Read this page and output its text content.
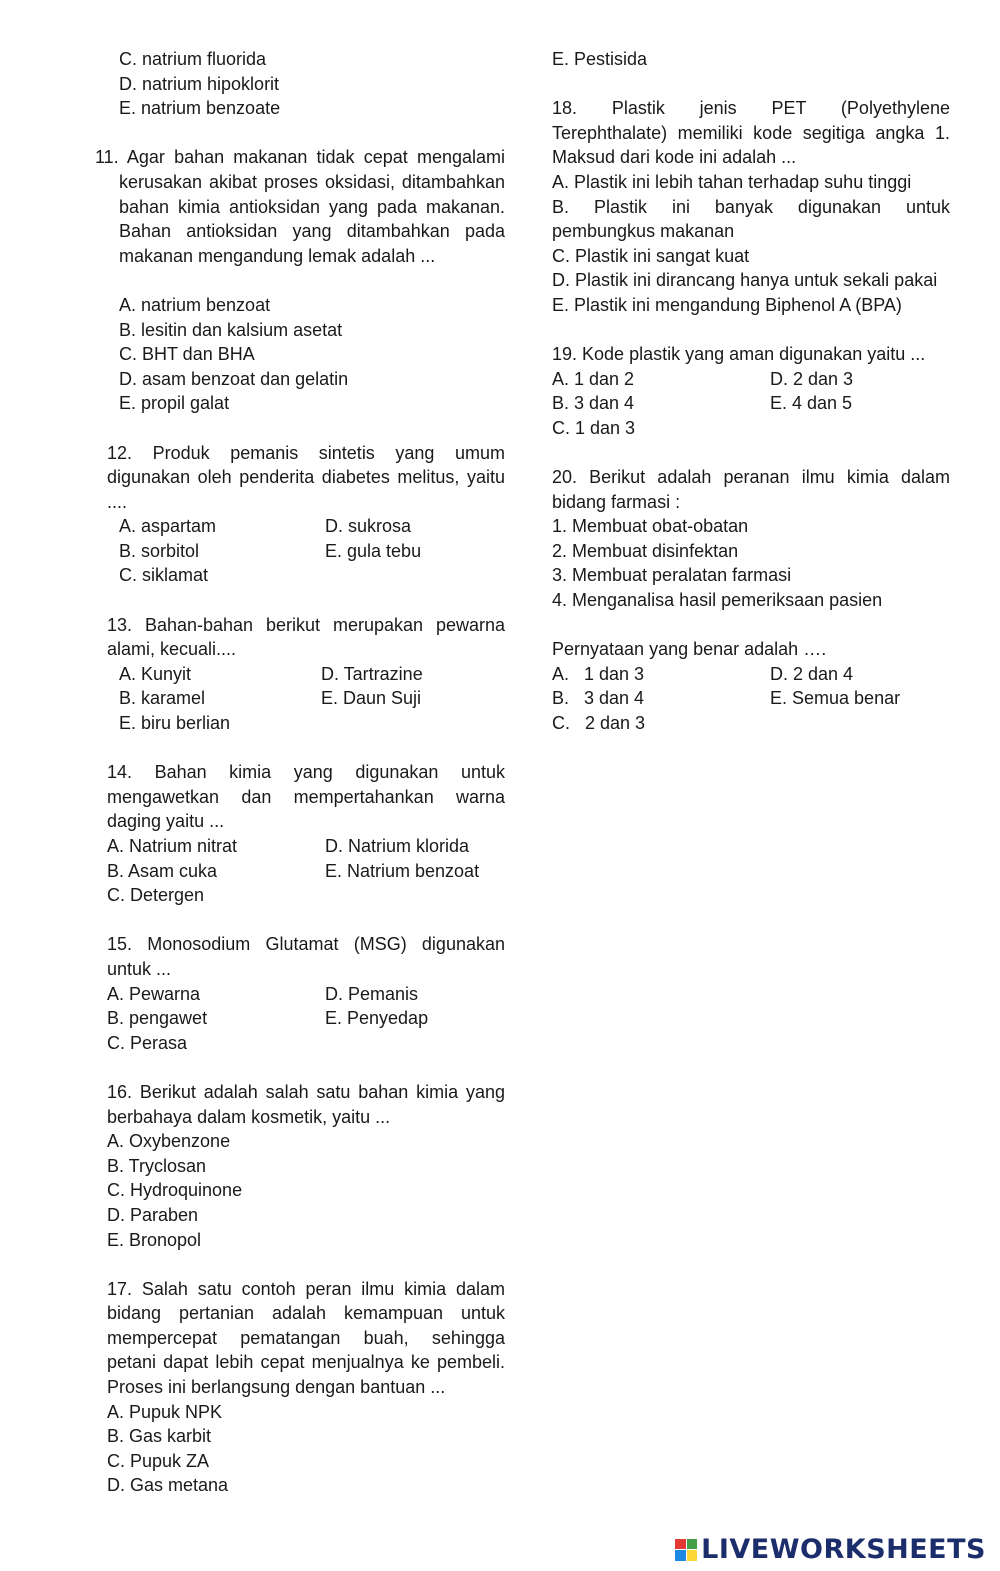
C. natrium fluorida
D. natrium hipoklorit
E. natrium benzoate
11. Agar bahan makanan tidak cepat mengalami
kerusakan akibat proses oksidasi, ditambahkan
bahan kimia antioksidan yang pada makanan.
Bahan antioksidan yang ditambahkan pada
makanan mengandung lemak adalah ...
A. natrium benzoat
B. lesitin dan kalsium asetat
C. BHT dan BHA
D. asam benzoat dan gelatin
E. propil galat
12. Produk pemanis sintetis yang umum
digunakan oleh penderita diabetes melitus, yaitu
....
A. aspartam	D. sukrosa
B. sorbitol	E. gula tebu
C. siklamat
13. Bahan-bahan berikut merupakan pewarna
alami, kecuali....
A. Kunyit	D. Tartrazine
B. karamel	E. Daun Suji
E. biru berlian
14. Bahan kimia yang digunakan untuk
mengawetkan dan mempertahankan warna
daging yaitu ...
A. Natrium nitrat	D. Natrium klorida
B. Asam cuka	E. Natrium benzoat
C. Detergen
15. Monosodium Glutamat (MSG) digunakan
untuk ...
A. Pewarna	D. Pemanis
B. pengawet	E. Penyedap
C. Perasa
16. Berikut adalah salah satu bahan kimia yang
berbahaya dalam kosmetik, yaitu ...
A. Oxybenzone
B. Tryclosan
C. Hydroquinone
D. Paraben
E. Bronopol
17. Salah satu contoh peran ilmu kimia dalam
bidang pertanian adalah kemampuan untuk
mempercepat pematangan buah, sehingga
petani dapat lebih cepat menjualnya ke pembeli.
Proses ini berlangsung dengan bantuan ...
A. Pupuk NPK
B. Gas karbit
C. Pupuk ZA
D. Gas metana
E. Pestisida
18. Plastik jenis PET (Polyethylene
Terephthalate) memiliki kode segitiga angka 1.
Maksud dari kode ini adalah ...
A. Plastik ini lebih tahan terhadap suhu tinggi
B. Plastik ini banyak digunakan untuk
pembungkus makanan
C. Plastik ini sangat kuat
D. Plastik ini dirancang hanya untuk sekali pakai
E. Plastik ini mengandung Biphenol A (BPA)
19. Kode plastik yang aman digunakan yaitu ...
A. 1 dan 2	D. 2 dan 3
B. 3 dan 4	E. 4 dan 5
C. 1 dan 3
20. Berikut adalah peranan ilmu kimia dalam
bidang farmasi :
1. Membuat obat-obatan
2. Membuat disinfektan
3. Membuat peralatan farmasi
4. Menganalisa hasil pemeriksaan pasien
Pernyataan yang benar adalah ….
A.   1 dan 3	D. 2 dan 4
B.   3 dan 4	E. Semua benar
C.   2 dan 3
LIVEWORKSHEETS
